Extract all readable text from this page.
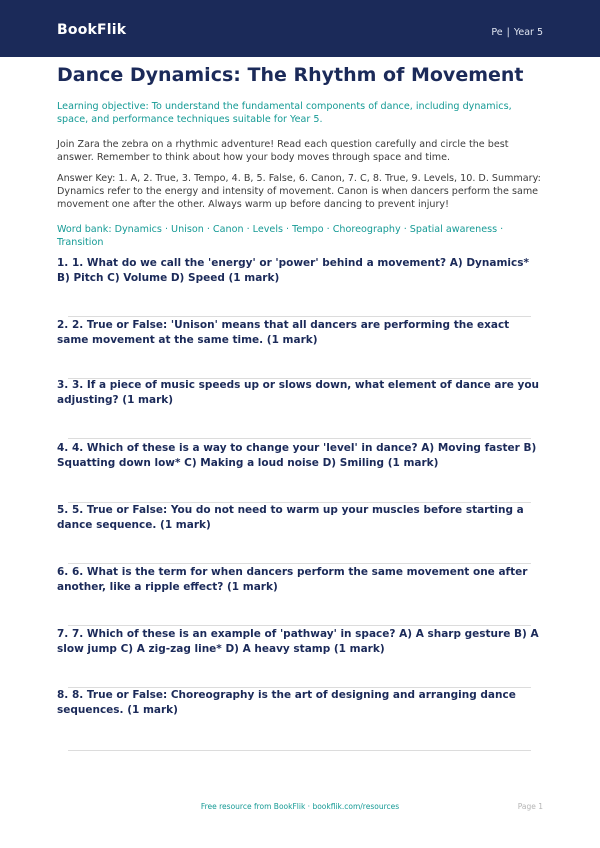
BookFlik	Pe | Year 5
Dance Dynamics: The Rhythm of Movement

Learning objective: To understand the fundamental components of dance, including dynamics, space, and performance techniques suitable for Year 5.

Join Zara the zebra on a rhythmic adventure! Read each question carefully and circle the best answer. Remember to think about how your body moves through space and time.

Answer Key: 1. A, 2. True, 3. Tempo, 4. B, 5. False, 6. Canon, 7. C, 8. True, 9. Levels, 10. D. Summary: Dynamics refer to the energy and intensity of movement. Canon is when dancers perform the same movement one after the other. Always warm up before dancing to prevent injury!

Word bank: Dynamics · Unison · Canon · Levels · Tempo · Choreography · Spatial awareness · Transition

1. 1. What do we call the 'energy' or 'power' behind a movement? A) Dynamics* B) Pitch C) Volume D) Speed (1 mark)

2. 2. True or False: 'Unison' means that all dancers are performing the exact same movement at the same time. (1 mark)

3. 3. If a piece of music speeds up or slows down, what element of dance are you adjusting? (1 mark)

4. 4. Which of these is a way to change your 'level' in dance? A) Moving faster B) Squatting down low* C) Making a loud noise D) Smiling (1 mark)

5. 5. True or False: You do not need to warm up your muscles before starting a dance sequence. (1 mark)

6. 6. What is the term for when dancers perform the same movement one after another, like a ripple effect? (1 mark)

7. 7. Which of these is an example of 'pathway' in space? A) A sharp gesture B) A slow jump C) A zig-zag line* D) A heavy stamp (1 mark)

8. 8. True or False: Choreography is the art of designing and arranging dance sequences. (1 mark)

Free resource from BookFlik · bookflik.com/resources	Page 1
